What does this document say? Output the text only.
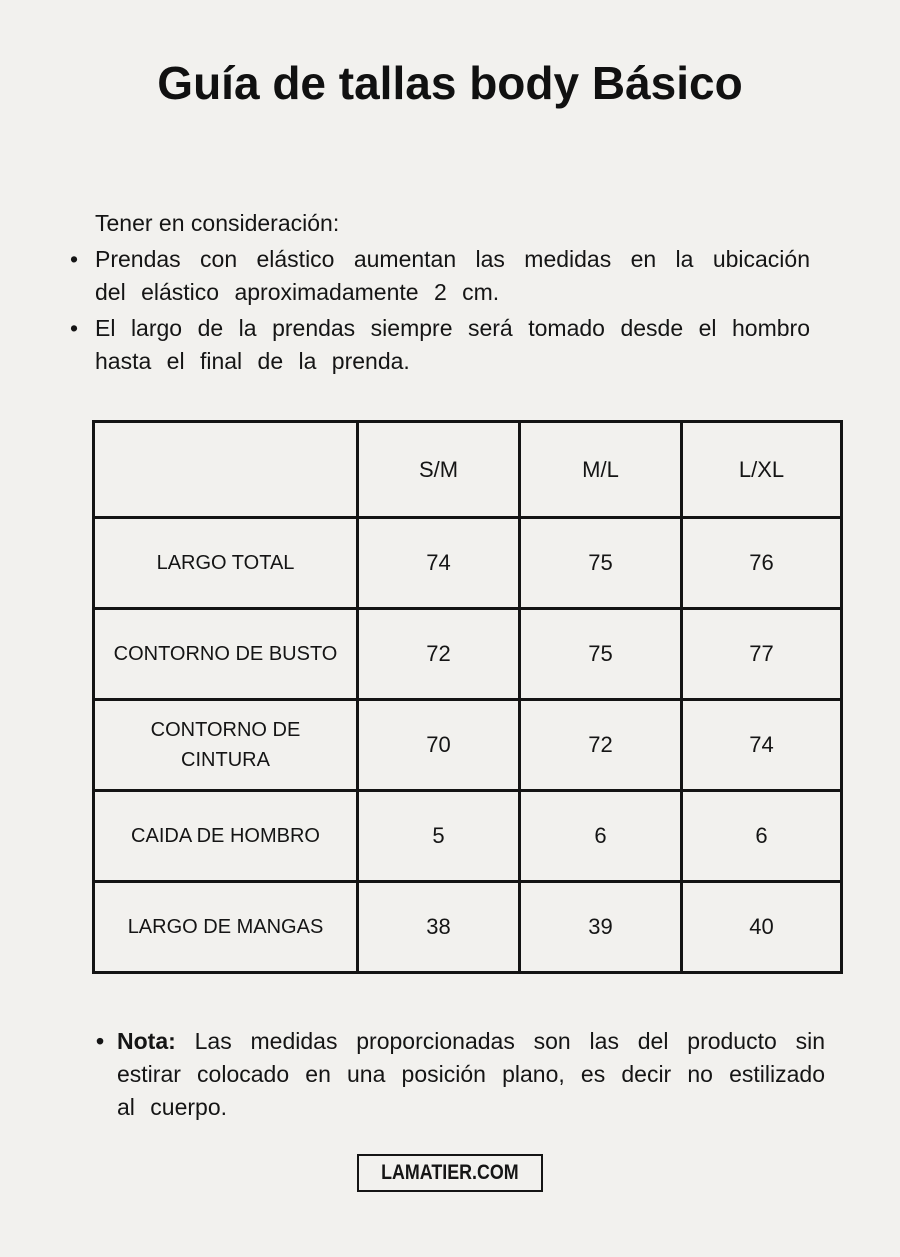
Guía de tallas body Básico

Tener en consideración:

• Prendas con elástico aumentan las medidas en la ubicación del elástico aproximadamente 2 cm.
• El largo de la prendas siempre será tomado desde el hombro hasta el final de la prenda.
	S/M	M/L	L/XL
LARGO TOTAL	74	75	76
CONTORNO DE BUSTO	72	75	77
CONTORNO DE CINTURA	70	72	74
CAIDA DE HOMBRO	5	6	6
LARGO DE MANGAS	38	39	40

• Nota: Las medidas proporcionadas son las del producto sin estirar colocado en una posición plano, es decir no estilizado al cuerpo.

LAMATIER.COM
